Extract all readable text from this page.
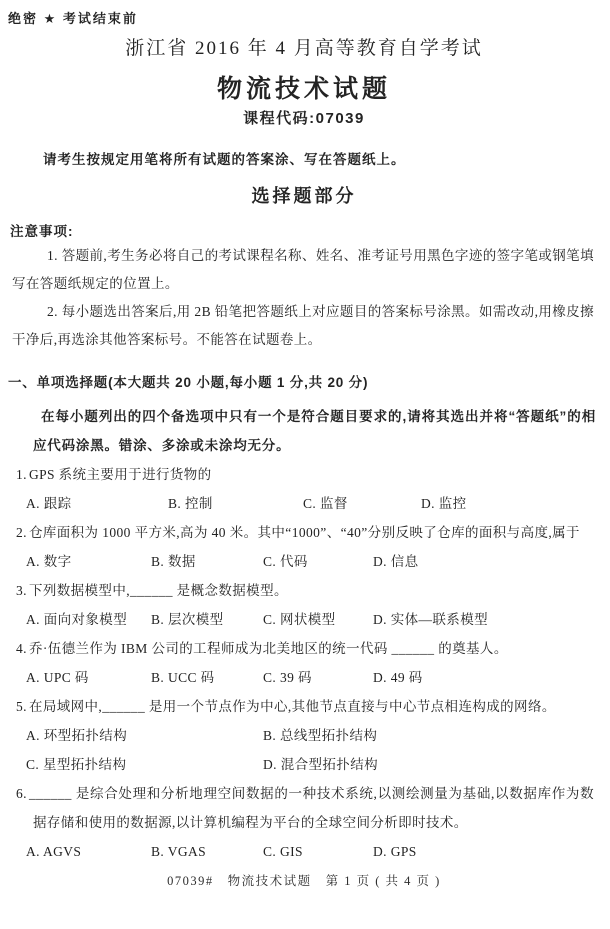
绝密 ★ 考试结束前
浙江省 2016 年 4 月高等教育自学考试
物流技术试题
课程代码:07039
请考生按规定用笔将所有试题的答案涂、写在答题纸上。
选择题部分
注意事项:
1. 答题前,考生务必将自己的考试课程名称、姓名、准考证号用黑色字迹的签字笔或钢笔填写在答题纸规定的位置上。
2. 每小题选出答案后,用 2B 铅笔把答题纸上对应题目的答案标号涂黑。如需改动,用橡皮擦干净后,再选涂其他答案标号。不能答在试题卷上。
一、单项选择题(本大题共 20 小题,每小题 1 分,共 20 分)
在每小题列出的四个备选项中只有一个是符合题目要求的,请将其选出并将“答题纸”的相应代码涂黑。错涂、多涂或未涂均无分。

1. GPS 系统主要用于进行货物的

A. 跟踪	B. 控制	C. 监督	D. 监控

2. 仓库面积为 1000 平方米,高为 40 米。其中“1000”、“40”分别反映了仓库的面积与高度,属于

A. 数字	B. 数据	C. 代码	D. 信息

3. 下列数据模型中,______ 是概念数据模型。

A. 面向对象模型	B. 层次模型	C. 网状模型	D. 实体—联系模型

4. 乔·伍德兰作为 IBM 公司的工程师成为北美地区的统一代码 ______ 的奠基人。

A. UPC 码	B. UCC 码	C. 39 码	D. 49 码

5. 在局域网中,______ 是用一个节点作为中心,其他节点直接与中心节点相连构成的网络。

A. 环型拓扑结构	B. 总线型拓扑结构
C. 星型拓扑结构	D. 混合型拓扑结构

6. ______ 是综合处理和分析地理空间数据的一种技术系统,以测绘测量为基础,以数据库作为数据存储和使用的数据源,以计算机编程为平台的全球空间分析即时技术。

A. AGVS	B. VGAS	C. GIS	D. GPS
07039#　物流技术试题　第 1 页 ( 共 4 页 )
